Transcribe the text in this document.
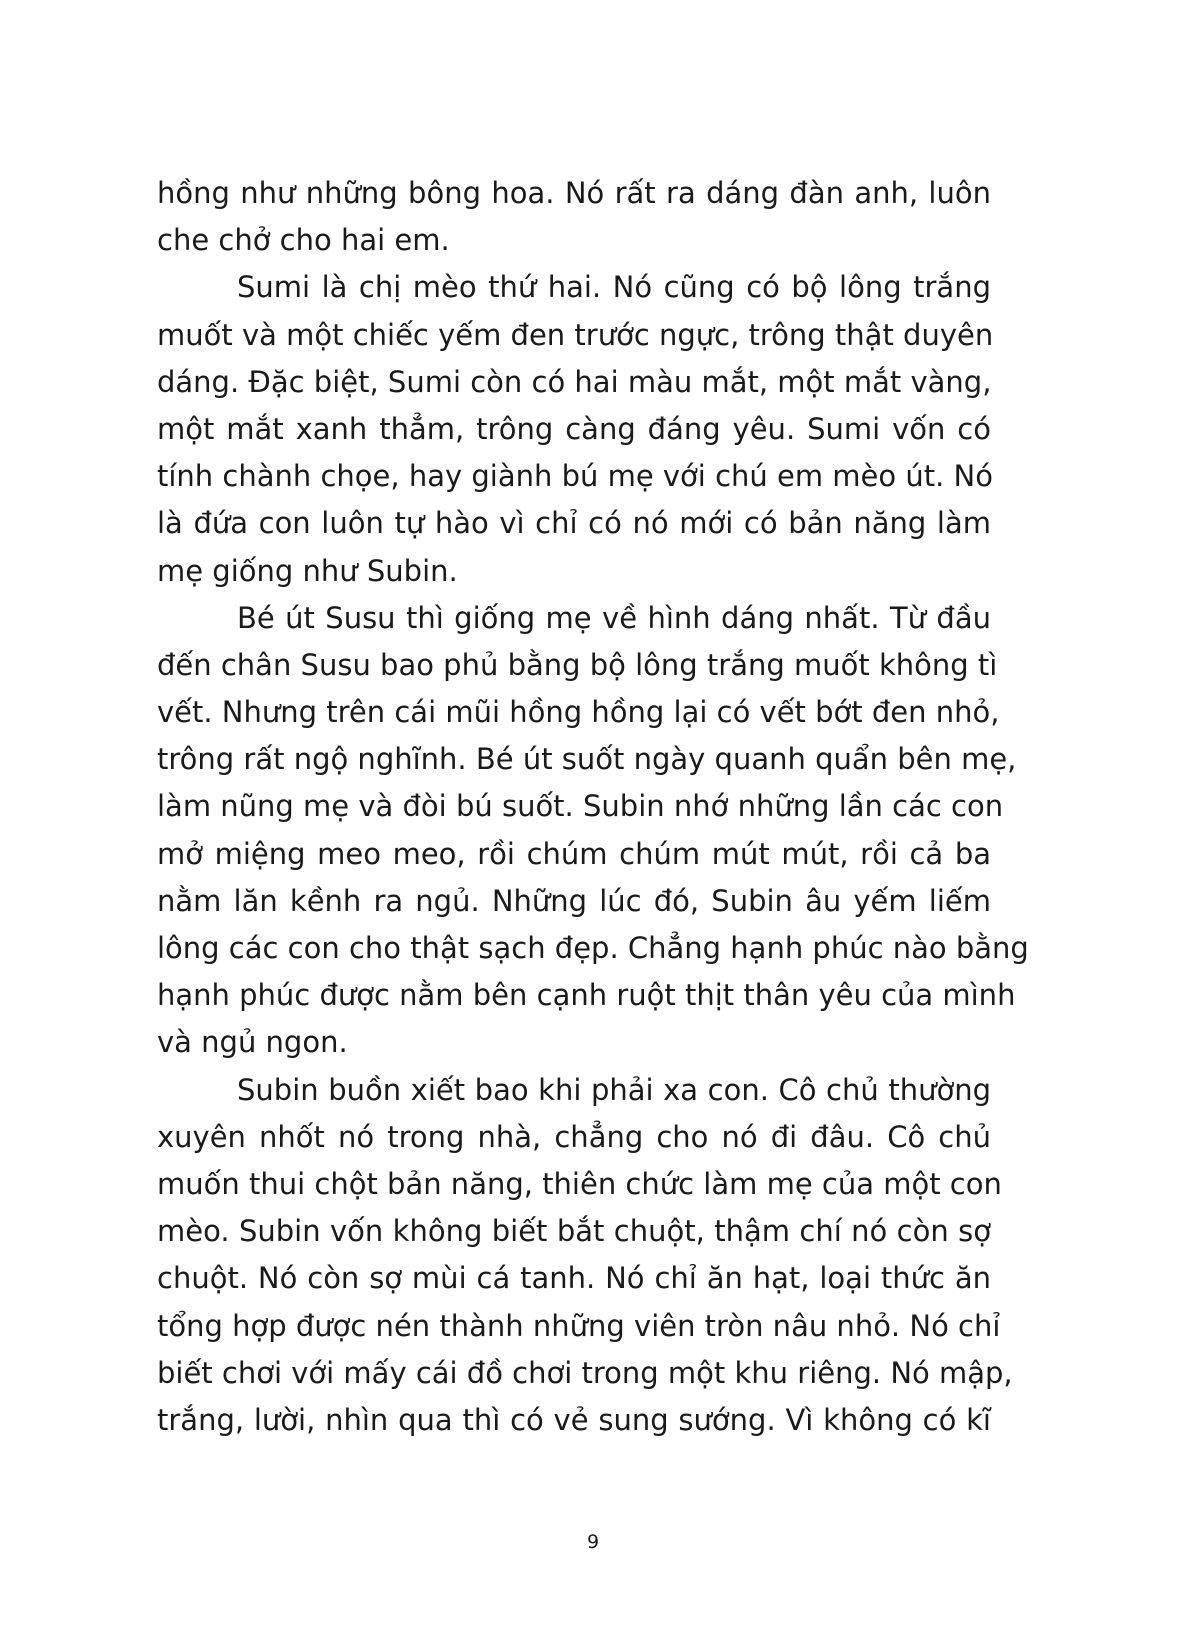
hồng như những bông hoa. Nó rất ra dáng đàn anh, luôn
che chở cho hai em.
Sumi là chị mèo thứ hai. Nó cũng có bộ lông trắng
muốt và một chiếc yếm đen trước ngực, trông thật duyên
dáng. Đặc biệt, Sumi còn có hai màu mắt, một mắt vàng,
một mắt xanh thẳm, trông càng đáng yêu. Sumi vốn có
tính chành chọe, hay giành bú mẹ với chú em mèo út. Nó
là đứa con luôn tự hào vì chỉ có nó mới có bản năng làm
mẹ giống như Subin.
Bé út Susu thì giống mẹ về hình dáng nhất. Từ đầu
đến chân Susu bao phủ bằng bộ lông trắng muốt không tì
vết. Nhưng trên cái mũi hồng hồng lại có vết bớt đen nhỏ,
trông rất ngộ nghĩnh. Bé út suốt ngày quanh quẩn bên mẹ,
làm nũng mẹ và đòi bú suốt. Subin nhớ những lần các con
mở miệng meo meo, rồi chúm chúm mút mút, rồi cả ba
nằm lăn kềnh ra ngủ. Những lúc đó, Subin âu yếm liếm
lông các con cho thật sạch đẹp. Chẳng hạnh phúc nào bằng
hạnh phúc được nằm bên cạnh ruột thịt thân yêu của mình
và ngủ ngon.
Subin buồn xiết bao khi phải xa con. Cô chủ thường
xuyên nhốt nó trong nhà, chẳng cho nó đi đâu. Cô chủ
muốn thui chột bản năng, thiên chức làm mẹ của một con
mèo. Subin vốn không biết bắt chuột, thậm chí nó còn sợ
chuột. Nó còn sợ mùi cá tanh. Nó chỉ ăn hạt, loại thức ăn
tổng hợp được nén thành những viên tròn nâu nhỏ. Nó chỉ
biết chơi với mấy cái đồ chơi trong một khu riêng. Nó mập,
trắng, lười, nhìn qua thì có vẻ sung sướng. Vì không có kĩ
9
